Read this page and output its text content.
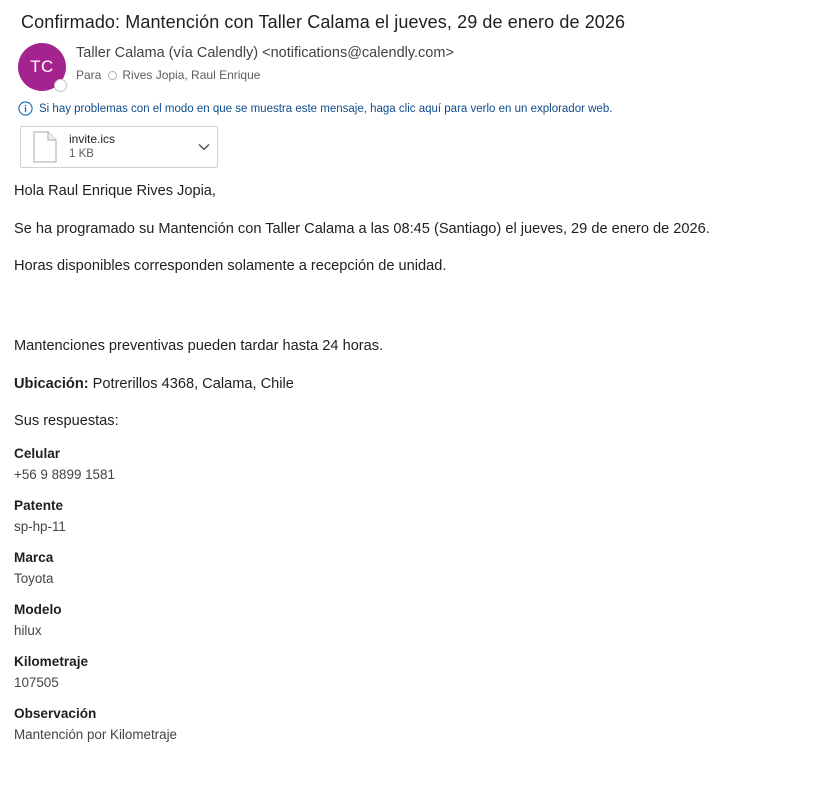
Confirmado: Mantención con Taller Calama el jueves, 29 de enero de 2026
TC
Taller Calama (vía Calendly) <notifications@calendly.com>
Para Rives Jopia, Raul Enrique
Si hay problemas con el modo en que se muestra este mensaje, haga clic aquí para verlo en un explorador web.
invite.ics
1 KB

Hola Raul Enrique Rives Jopia,

Se ha programado su Mantención con Taller Calama a las 08:45 (Santiago) el jueves, 29 de enero de 2026.

Horas disponibles corresponden solamente a recepción de unidad.

Mantenciones preventivas pueden tardar hasta 24 horas.

Ubicación: Potrerillos 4368, Calama, Chile

Sus respuestas:

Celular
+56 9 8899 1581
Patente
sp-hp-11
Marca
Toyota
Modelo
hilux
Kilometraje
107505
Observación
Mantención por Kilometraje
